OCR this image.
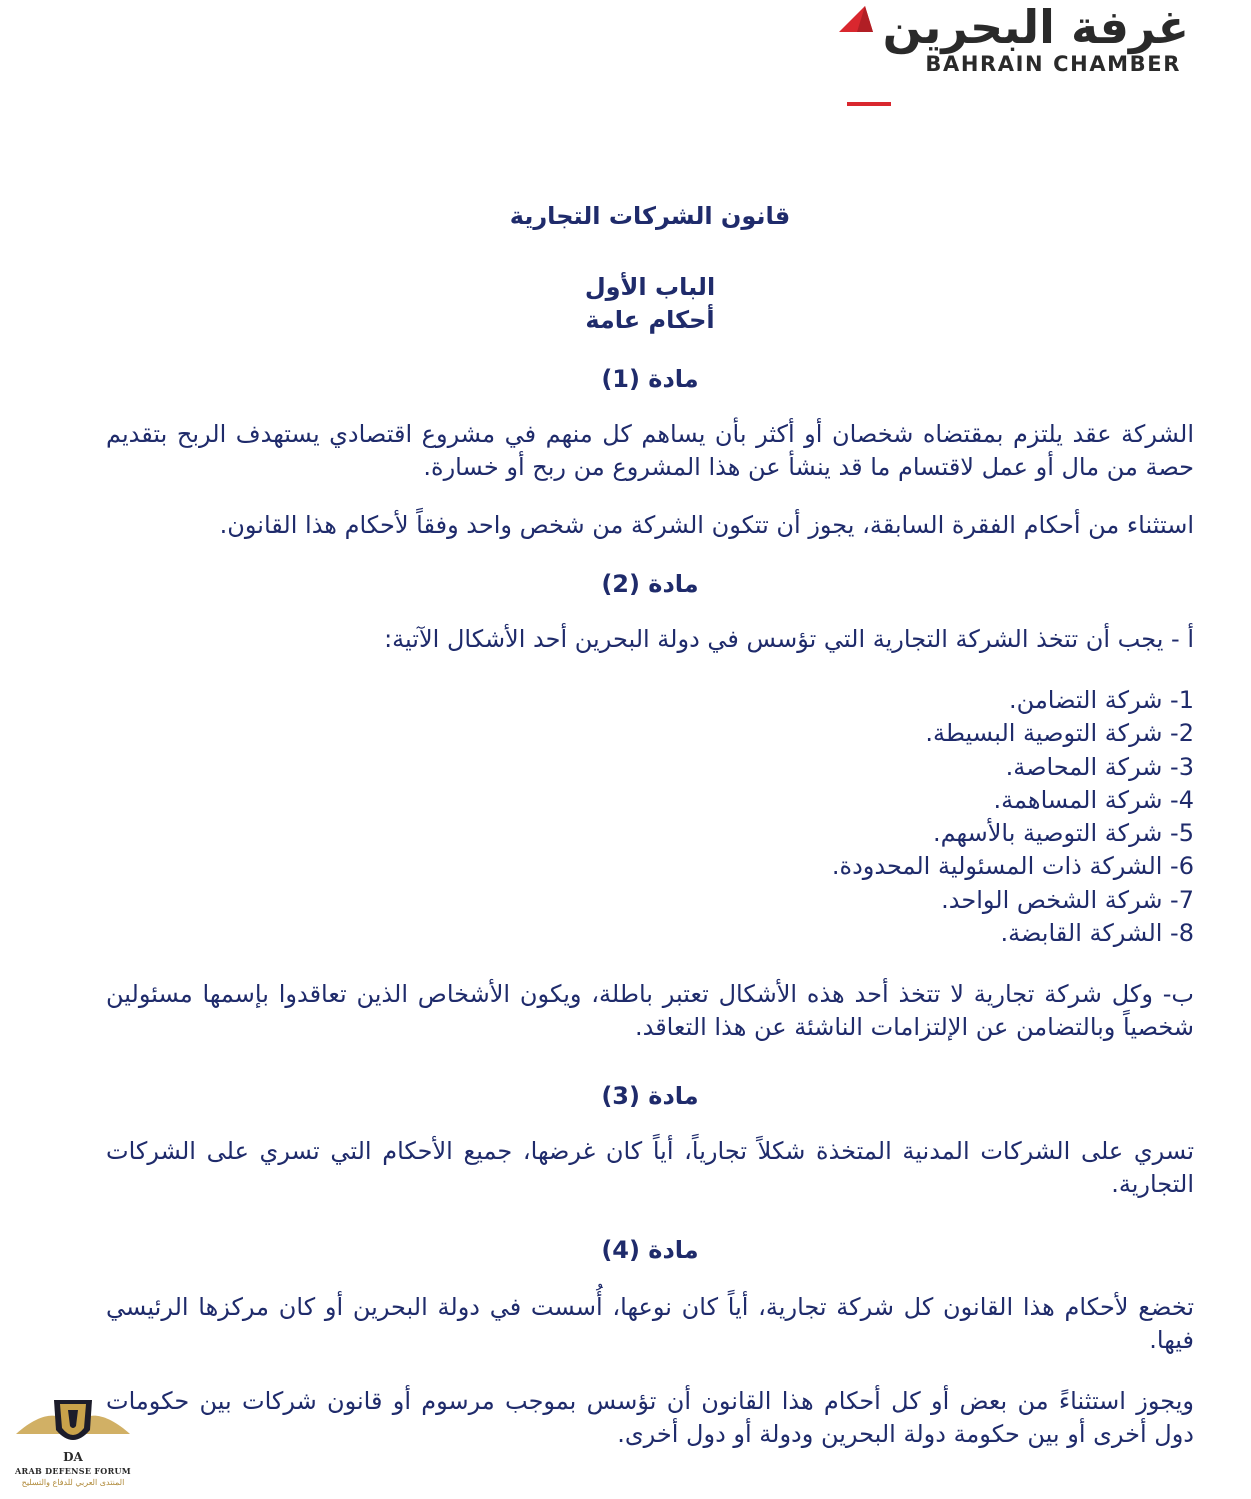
غرفة البحرين
BAHRAIN CHAMBER
قانون الشركات التجارية
الباب الأول
أحكام عامة
مادة (1)

الشركة عقد يلتزم بمقتضاه شخصان أو أكثر بأن يساهم كل منهم في مشروع اقتصادي يستهدف الربح بتقديم حصة من مال أو عمل لاقتسام ما قد ينشأ عن هذا المشروع من ربح أو خسارة.

استثناء من أحكام الفقرة السابقة، يجوز أن تتكون الشركة من شخص واحد وفقاً لأحكام هذا القانون.

مادة (2)

أ - يجب أن تتخذ الشركة التجارية التي تؤسس في دولة البحرين أحد الأشكال الآتية:

1- شركة التضامن.
2- شركة التوصية البسيطة.
3- شركة المحاصة.
4- شركة المساهمة.
5- شركة التوصية بالأسهم.
6- الشركة ذات المسئولية المحدودة.
7- شركة الشخص الواحد.
8- الشركة القابضة.

ب- وكل شركة تجارية لا تتخذ أحد هذه الأشكال تعتبر باطلة، ويكون الأشخاص الذين تعاقدوا بإسمها مسئولين شخصياً وبالتضامن عن الإلتزامات الناشئة عن هذا التعاقد.

مادة (3)

تسري على الشركات المدنية المتخذة شكلاً تجارياً، أياً كان غرضها، جميع الأحكام التي تسري على الشركات التجارية.

مادة (4)

تخضع لأحكام هذا القانون كل شركة تجارية، أياً كان نوعها، أُسست في دولة البحرين أو كان مركزها الرئيسي فيها.

ويجوز استثناءً من بعض أو كل أحكام هذا القانون أن تؤسس بموجب مرسوم أو قانون شركات بين حكومات دول أخرى أو بين حكومة دولة البحرين ودولة أو دول أخرى.

DA
ARAB DEFENSE FORUM
المنتدى العربي للدفاع والتسليح
